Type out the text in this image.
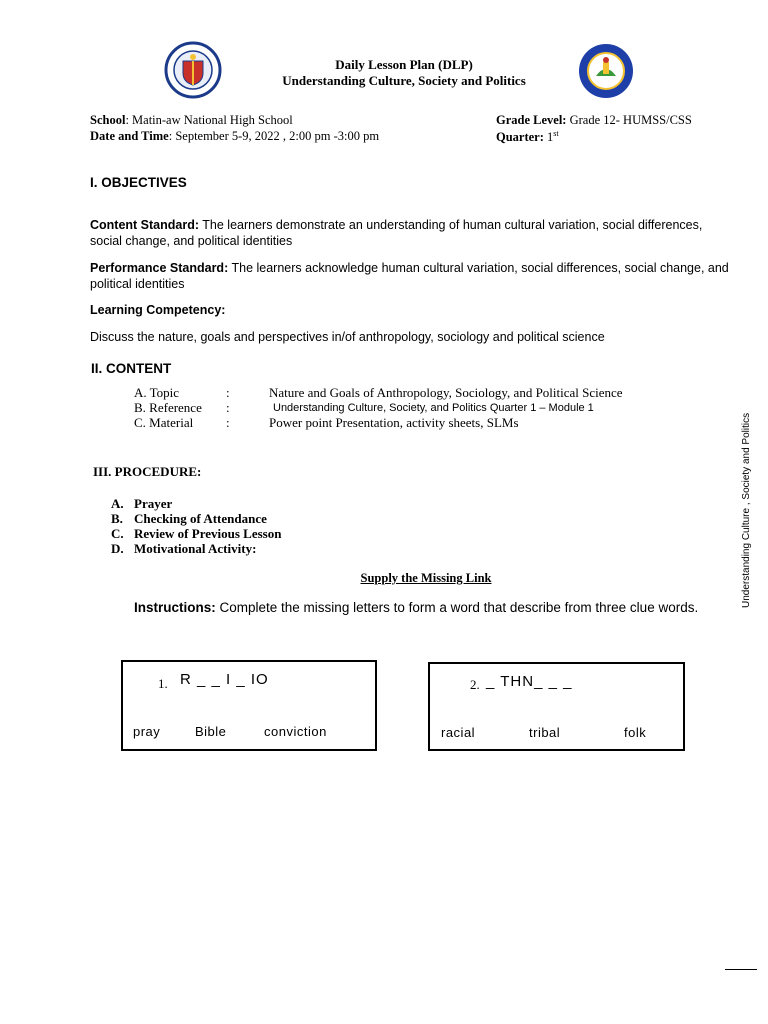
Daily Lesson Plan (DLP)
Understanding Culture, Society and Politics
School: Matin-aw National High School
Date and Time: September 5-9, 2022 , 2:00 pm -3:00 pm
Grade Level: Grade 12- HUMSS/CSS
Quarter: 1st
I. OBJECTIVES
Content Standard: The learners demonstrate an understanding of human cultural variation, social differences, social change, and political identities
Performance Standard: The learners acknowledge human cultural variation, social differences, social change, and political identities
Learning Competency:
Discuss the nature, goals and perspectives in/of anthropology, sociology and political science
II. CONTENT
A. Topic	:	Nature and Goals of Anthropology, Sociology, and Political Science
B. Reference :	Understanding Culture, Society, and Politics Quarter 1 – Module 1
C. Material	:	Power point Presentation, activity sheets, SLMs
III. PROCEDURE:
A. Prayer
B. Checking of Attendance
C. Review of Previous Lesson
D. Motivational Activity:
Supply the Missing Link
Instructions: Complete the missing letters to form a word that describe from three clue words.
1. R _ _ I _ IO
pray	Bible	conviction
2. _ THN_ _ _
racial	tribal	folk
Understanding Culture , Society and Politics
